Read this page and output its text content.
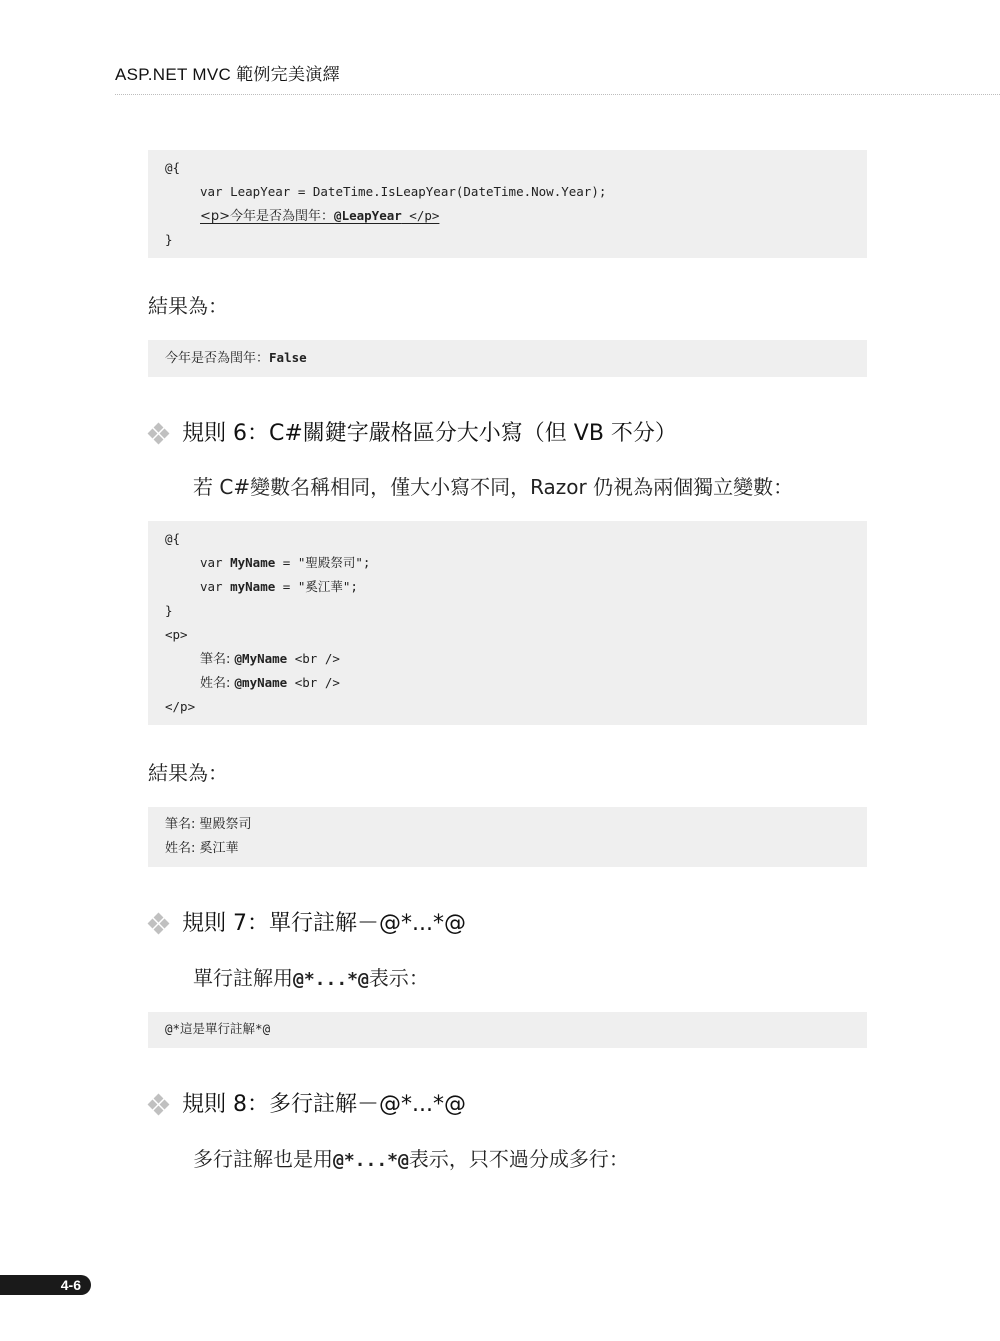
ASP.NET MVC 範例完美演繹
@{
var LeapYear = DateTime.IsLeapYear(DateTime.Now.Year);
<p>今年是否為閏年：@LeapYear </p>
}
結果為：
今年是否為閏年：False
規則 6：C#關鍵字嚴格區分大小寫（但 VB 不分）
若 C#變數名稱相同，僅大小寫不同，Razor 仍視為兩個獨立變數：
@{
var MyName = "聖殿祭司";
var myName = "奚江華";
}
<p>
筆名: @MyName <br />
姓名: @myName <br />
</p>
結果為：
筆名: 聖殿祭司
姓名: 奚江華
規則 7：單行註解－@*...*@
單行註解用@*...*@表示：
@*這是單行註解*@
規則 8：多行註解－@*...*@
多行註解也是用@*...*@表示，只不過分成多行：
4-6
